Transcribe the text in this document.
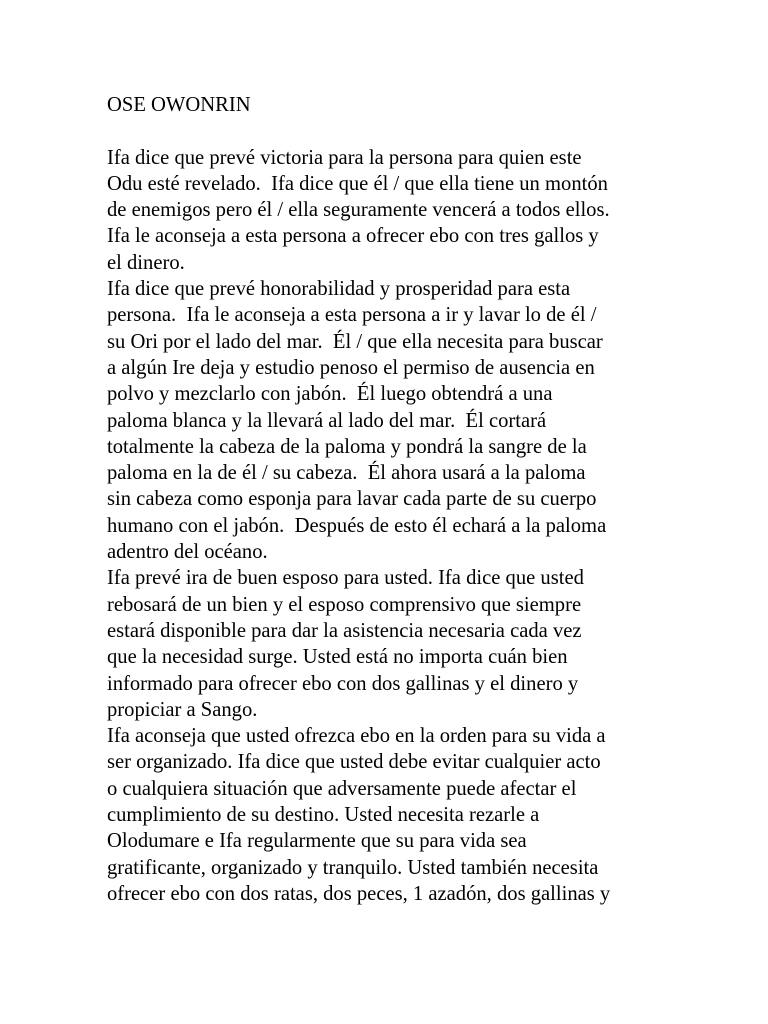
OSE OWONRIN
Ifa dice que prevé victoria para la persona para quien este
Odu esté revelado.  Ifa dice que él / que ella tiene un montón
de enemigos pero él / ella seguramente vencerá a todos ellos.
Ifa le aconseja a esta persona a ofrecer ebo con tres gallos y
el dinero.
Ifa dice que prevé honorabilidad y prosperidad para esta
persona.  Ifa le aconseja a esta persona a ir y lavar lo de él /
su Ori por el lado del mar.  Él / que ella necesita para buscar
a algún Ire deja y estudio penoso el permiso de ausencia en
polvo y mezclarlo con jabón.  Él luego obtendrá a una
paloma blanca y la llevará al lado del mar.  Él cortará
totalmente la cabeza de la paloma y pondrá la sangre de la
paloma en la de él / su cabeza.  Él ahora usará a la paloma
sin cabeza como esponja para lavar cada parte de su cuerpo
humano con el jabón.  Después de esto él echará a la paloma
adentro del océano.
Ifa prevé ira de buen esposo para usted. Ifa dice que usted
rebosará de un bien y el esposo comprensivo que siempre
estará disponible para dar la asistencia necesaria cada vez
que la necesidad surge. Usted está no importa cuán bien
informado para ofrecer ebo con dos gallinas y el dinero y
propiciar a Sango.
Ifa aconseja que usted ofrezca ebo en la orden para su vida a
ser organizado. Ifa dice que usted debe evitar cualquier acto
o cualquiera situación que adversamente puede afectar el
cumplimiento de su destino. Usted necesita rezarle a
Olodumare e Ifa regularmente que su para vida sea
gratificante, organizado y tranquilo. Usted también necesita
ofrecer ebo con dos ratas, dos peces, 1 azadón, dos gallinas y
